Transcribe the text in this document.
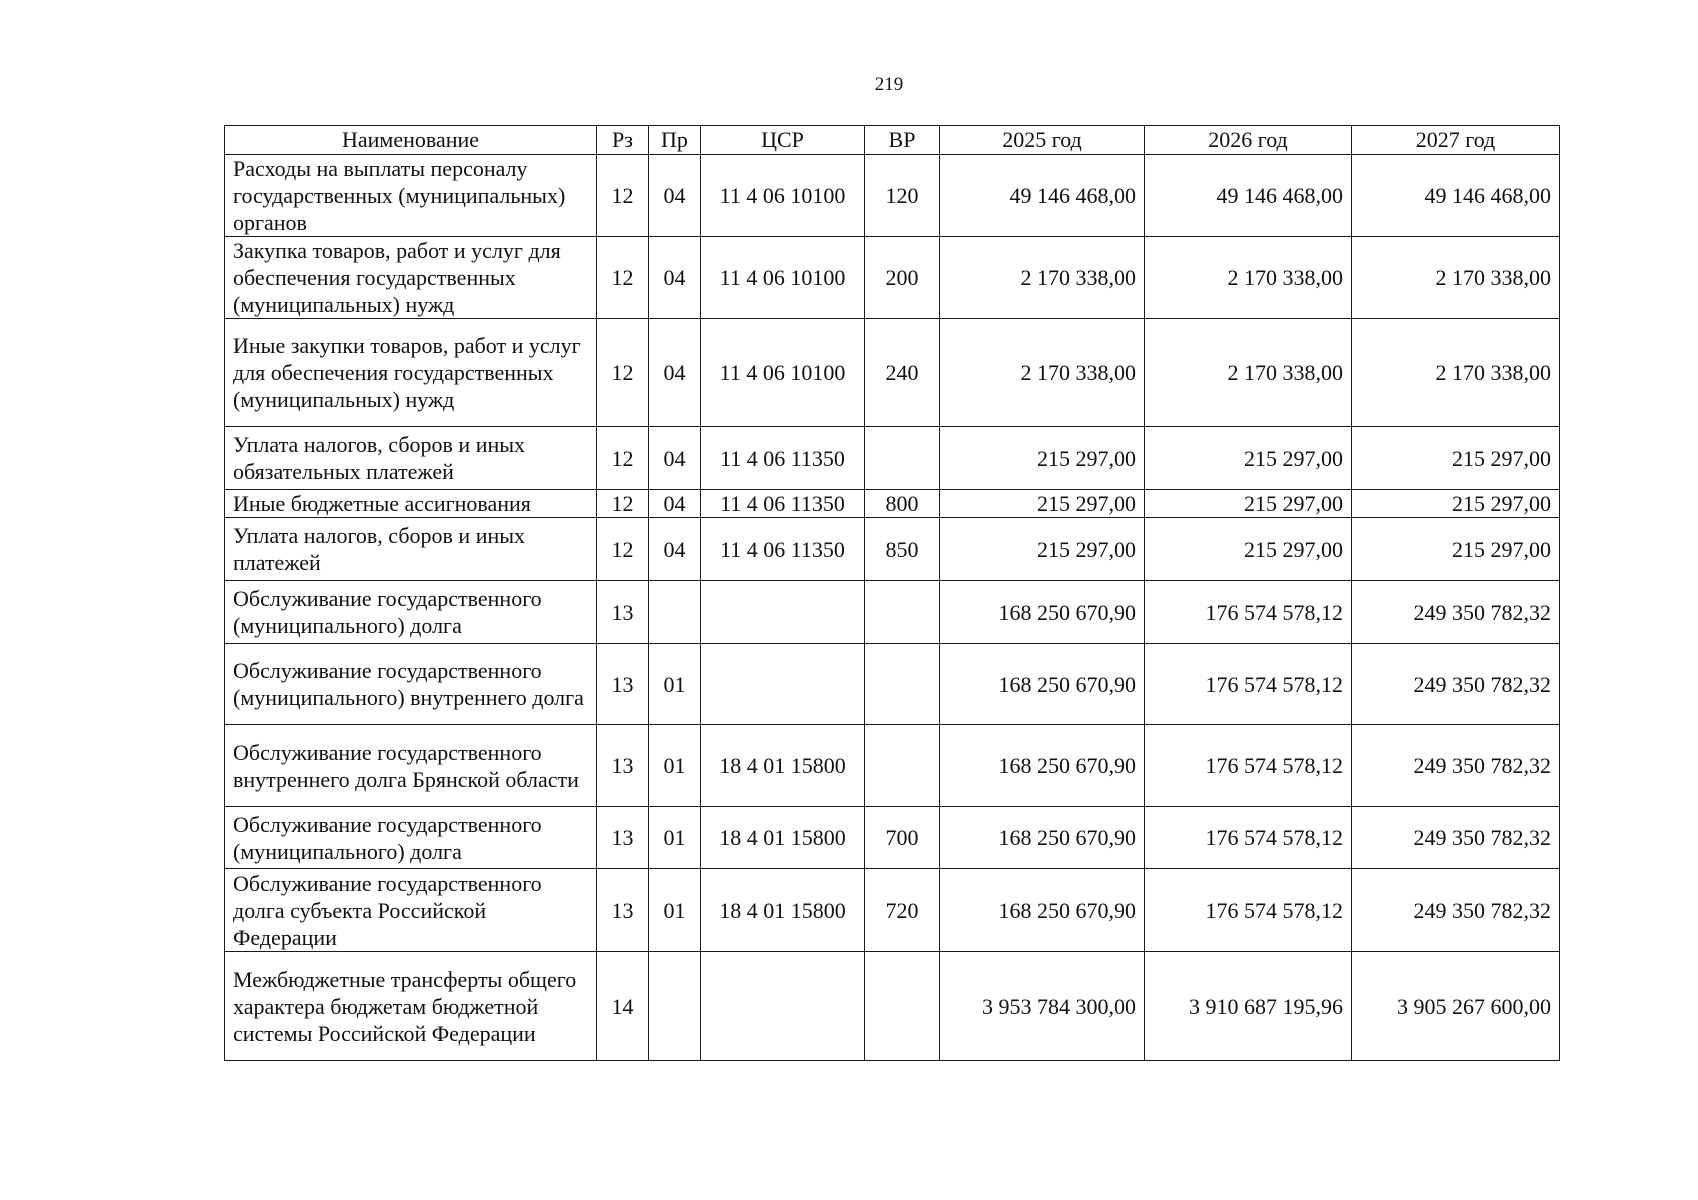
219
Наименование	Рз	Пр	ЦСР	ВР	2025 год	2026 год	2027 год
Расходы на выплаты персоналу государственных (муниципальных) органов	12	04	11 4 06 10100	120	49 146 468,00	49 146 468,00	49 146 468,00
Закупка товаров, работ и услуг для обеспечения государственных (муниципальных) нужд	12	04	11 4 06 10100	200	2 170 338,00	2 170 338,00	2 170 338,00
Иные закупки товаров, работ и услуг для обеспечения государственных (муниципальных) нужд	12	04	11 4 06 10100	240	2 170 338,00	2 170 338,00	2 170 338,00
Уплата налогов, сборов и иных обязательных платежей	12	04	11 4 06 11350		215 297,00	215 297,00	215 297,00
Иные бюджетные ассигнования	12	04	11 4 06 11350	800	215 297,00	215 297,00	215 297,00
Уплата налогов, сборов и иных платежей	12	04	11 4 06 11350	850	215 297,00	215 297,00	215 297,00
Обслуживание государственного (муниципального) долга	13				168 250 670,90	176 574 578,12	249 350 782,32
Обслуживание государственного (муниципального) внутреннего долга	13	01			168 250 670,90	176 574 578,12	249 350 782,32
Обслуживание государственного внутреннего долга Брянской области	13	01	18 4 01 15800		168 250 670,90	176 574 578,12	249 350 782,32
Обслуживание государственного (муниципального) долга	13	01	18 4 01 15800	700	168 250 670,90	176 574 578,12	249 350 782,32
Обслуживание государственного долга субъекта Российской Федерации	13	01	18 4 01 15800	720	168 250 670,90	176 574 578,12	249 350 782,32
Межбюджетные трансферты общего характера бюджетам бюджетной системы Российской Федерации	14				3 953 784 300,00	3 910 687 195,96	3 905 267 600,00
